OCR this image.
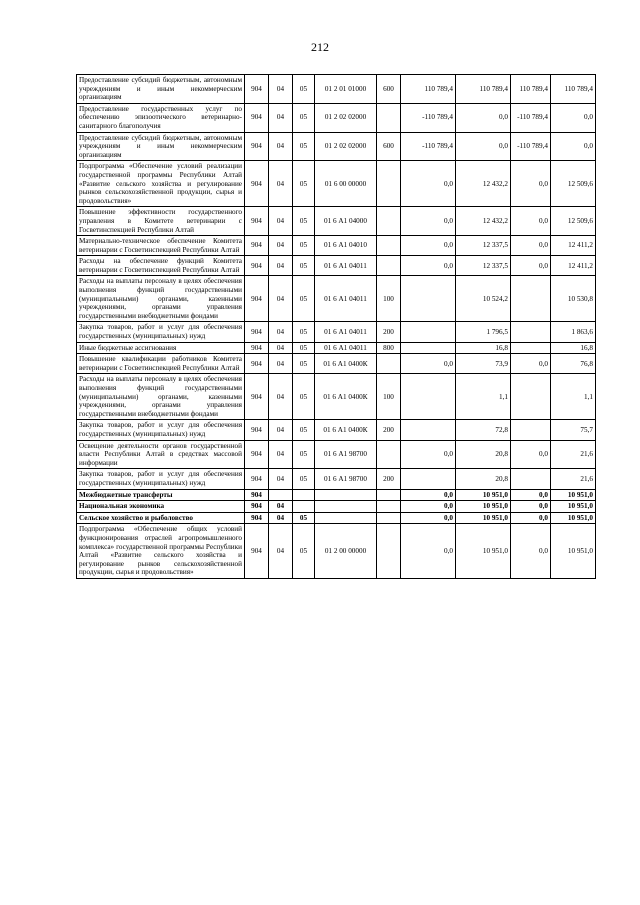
212
Предоставление субсидий бюджетным, автономным учреждениям и иным некоммерческим организациям	904	04	05	01 2 01 01000	600	110 789,4	110 789,4	110 789,4	110 789,4
Предоставление государственных услуг по обеспечению эпизоотического ветеринарно-санитарного благополучия	904	04	05	01 2 02 02000		-110 789,4	0,0	-110 789,4	0,0
Предоставление субсидий бюджетным, автономным учреждениям и иным некоммерческим организациям	904	04	05	01 2 02 02000	600	-110 789,4	0,0	-110 789,4	0,0
Подпрограмма «Обеспечение условий реализации государственной программы Республики Алтай «Развитие сельского хозяйства и регулирование рынков сельскохозяйственной продукции, сырья и продовольствия»	904	04	05	01 6 00 00000		0,0	12 432,2	0,0	12 509,6
Повышение эффективности государственного управления в Комитете ветеринарии с Госветинспекцией Республики Алтай	904	04	05	01 6 А1 04000		0,0	12 432,2	0,0	12 509,6
Материально-техническое обеспечение Комитета ветеринарии с Госветинспекцией Республики Алтай	904	04	05	01 6 А1 04010		0,0	12 337,5	0,0	12 411,2
Расходы на обеспечение функций Комитета ветеринарии с Госветинспекцией Республики Алтай	904	04	05	01 6 А1 04011		0,0	12 337,5	0,0	12 411,2
Расходы на выплаты персоналу в целях обеспечения выполнения функций государственными (муниципальными) органами, казенными учреждениями, органами управления государственными внебюджетными фондами	904	04	05	01 6 А1 04011	100		10 524,2		10 530,8
Закупка товаров, работ и услуг для обеспечения государственных (муниципальных) нужд	904	04	05	01 6 А1 04011	200		1 796,5		1 863,6
Иные бюджетные ассигнования	904	04	05	01 6 А1 04011	800		16,8		16,8
Повышение квалификации работников Комитета ветеринарии с Госветинспекцией Республики Алтай	904	04	05	01 6 А1 0400К		0,0	73,9	0,0	76,8
Расходы на выплаты персоналу в целях обеспечения выполнения функций государственными (муниципальными) органами, казенными учреждениями, органами управления государственными внебюджетными фондами	904	04	05	01 6 А1 0400К	100		1,1		1,1
Закупка товаров, работ и услуг для обеспечения государственных (муниципальных) нужд	904	04	05	01 6 А1 0400К	200		72,8		75,7
Освещение деятельности органов государственной власти Республики Алтай в средствах массовой информации	904	04	05	01 6 А1 98700		0,0	20,8	0,0	21,6
Закупка товаров, работ и услуг для обеспечения государственных (муниципальных) нужд	904	04	05	01 6 А1 98700	200		20,8		21,6
Межбюджетные трансферты	904					0,0	10 951,0	0,0	10 951,0
Национальная экономика	904	04				0,0	10 951,0	0,0	10 951,0
Сельское хозяйство и рыболовство	904	04	05			0,0	10 951,0	0,0	10 951,0
Подпрограмма «Обеспечение общих условий функционирования отраслей агропромышленного комплекса» государственной программы Республики Алтай «Развитие сельского хозяйства и регулирование рынков сельскохозяйственной продукции, сырья и продовольствия»	904	04	05	01 2 00 00000		0,0	10 951,0	0,0	10 951,0
